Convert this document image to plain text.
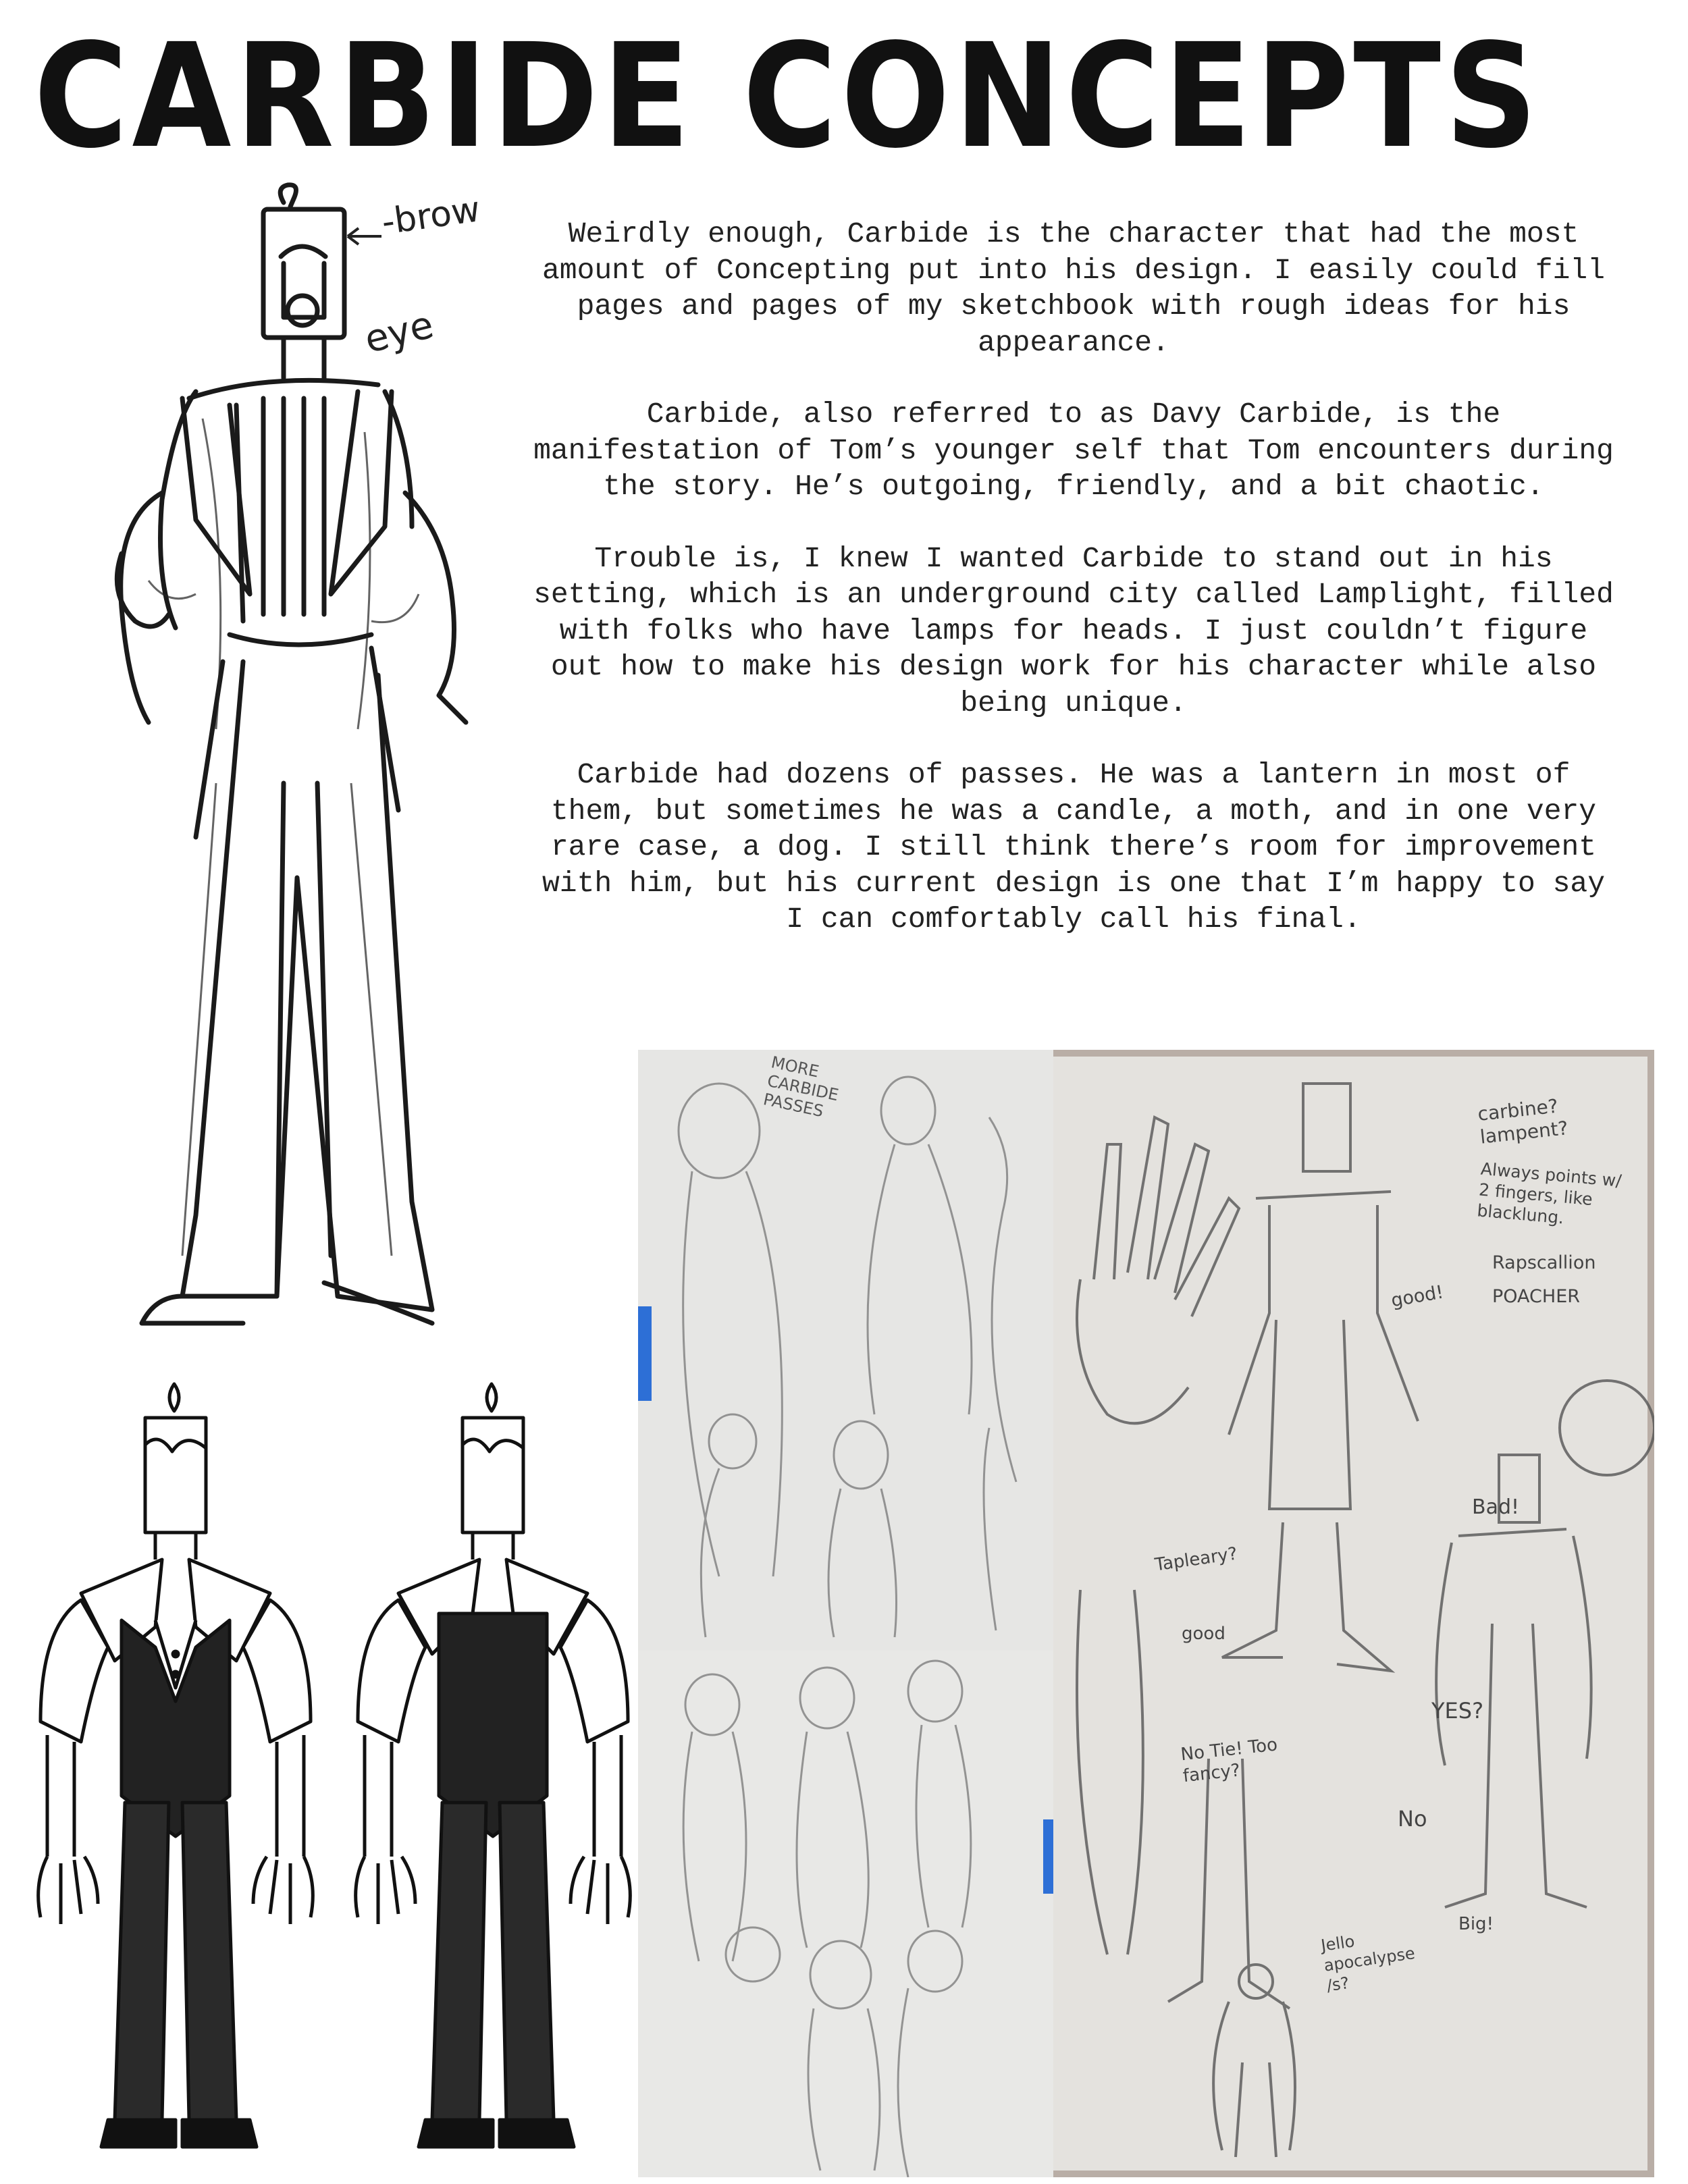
CARBIDE CONCEPTS

Weirdly enough, Carbide is the character that had the most amount of Concepting put into his design. I easily could fill pages and pages of my sketchbook with rough ideas for his appearance.

Carbide, also referred to as Davy Carbide, is the manifestation of Tom’s younger self that Tom encounters during the story. He’s outgoing, friendly, and a bit chaotic.

Trouble is, I knew I wanted Carbide to stand out in his setting, which is an underground city called Lamplight, filled with folks who have lamps for heads. I just couldn’t figure out how to make his design work for his character while also being unique.

Carbide had dozens of passes. He was a lantern in most of them, but sometimes he was a candle, a moth, and in one very rare case, a dog. I still think there’s room for improvement with him, but his current design is one that I’m happy to say I can comfortably call his final.

-brow
eye
MORE CARBIDE PASSES	carbine? lampent?
Always points w/ 2 fingers, like blacklung.
Rapscallion
POACHER
good!
Bad!
Tapleary?
good
No Tie! Too fancy?
YES?
No
Jello apocalypse /s?
Big!
